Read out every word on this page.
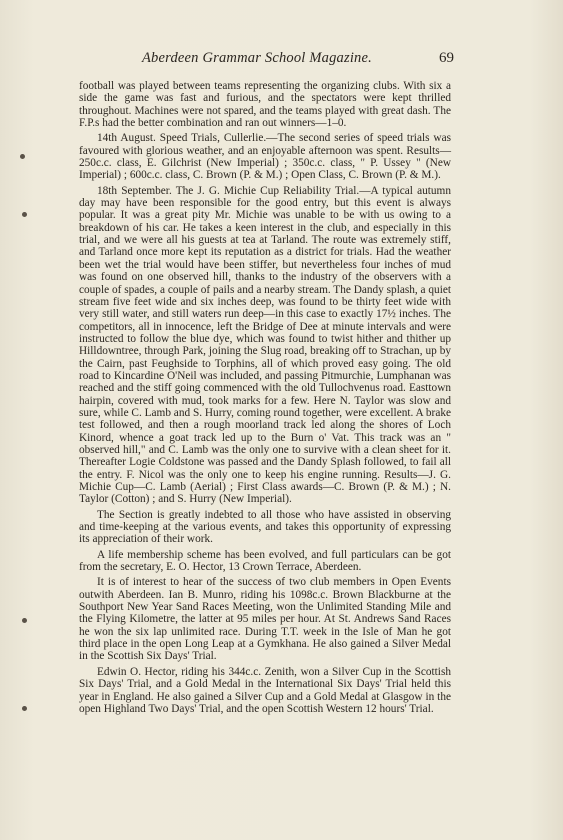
Aberdeen Grammar School Magazine.	69

football was played between teams representing the organizing clubs. With six a side the game was fast and furious, and the spectators were kept thrilled throughout. Machines were not spared, and the teams played with great dash. The F.P.s had the better combination and ran out winners—1–0.

14th August. Speed Trials, Cullerlie.—The second series of speed trials was favoured with glorious weather, and an enjoyable afternoon was spent. Results—250c.c. class, E. Gilchrist (New Imperial) ; 350c.c. class, " P. Ussey " (New Imperial) ; 600c.c. class, C. Brown (P. & M.) ; Open Class, C. Brown (P. & M.).

18th September. The J. G. Michie Cup Reliability Trial.—A typical autumn day may have been responsible for the good entry, but this event is always popular. It was a great pity Mr. Michie was unable to be with us owing to a breakdown of his car. He takes a keen interest in the club, and especially in this trial, and we were all his guests at tea at Tarland. The route was extremely stiff, and Tarland once more kept its reputation as a district for trials. Had the weather been wet the trial would have been stiffer, but nevertheless four inches of mud was found on one observed hill, thanks to the industry of the observers with a couple of spades, a couple of pails and a nearby stream. The Dandy splash, a quiet stream five feet wide and six inches deep, was found to be thirty feet wide with very still water, and still waters run deep—in this case to exactly 17½ inches. The competitors, all in innocence, left the Bridge of Dee at minute intervals and were instructed to follow the blue dye, which was found to twist hither and thither up Hilldowntree, through Park, joining the Slug road, breaking off to Strachan, up by the Cairn, past Feughside to Torphins, all of which proved easy going. The old road to Kincardine O'Neil was included, and passing Pitmurchie, Lumphanan was reached and the stiff going commenced with the old Tullochvenus road. Easttown hairpin, covered with mud, took marks for a few. Here N. Taylor was slow and sure, while C. Lamb and S. Hurry, coming round together, were excellent. A brake test followed, and then a rough moorland track led along the shores of Loch Kinord, whence a goat track led up to the Burn o' Vat. This track was an " observed hill," and C. Lamb was the only one to survive with a clean sheet for it. Thereafter Logie Coldstone was passed and the Dandy Splash followed, to fail all the entry. F. Nicol was the only one to keep his engine running. Results—J. G. Michie Cup—C. Lamb (Aerial) ; First Class awards—C. Brown (P. & M.) ; N. Taylor (Cotton) ; and S. Hurry (New Imperial).

The Section is greatly indebted to all those who have assisted in observing and time-keeping at the various events, and takes this opportunity of expressing its appreciation of their work.

A life membership scheme has been evolved, and full particulars can be got from the secretary, E. O. Hector, 13 Crown Terrace, Aberdeen.

It is of interest to hear of the success of two club members in Open Events outwith Aberdeen. Ian B. Munro, riding his 1098c.c. Brown Blackburne at the Southport New Year Sand Races Meeting, won the Unlimited Standing Mile and the Flying Kilometre, the latter at 95 miles per hour. At St. Andrews Sand Races he won the six lap unlimited race. During T.T. week in the Isle of Man he got third place in the open Long Leap at a Gymkhana. He also gained a Silver Medal in the Scottish Six Days' Trial.

Edwin O. Hector, riding his 344c.c. Zenith, won a Silver Cup in the Scottish Six Days' Trial, and a Gold Medal in the International Six Days' Trial held this year in England. He also gained a Silver Cup and a Gold Medal at Glasgow in the open Highland Two Days' Trial, and the open Scottish Western 12 hours' Trial.
